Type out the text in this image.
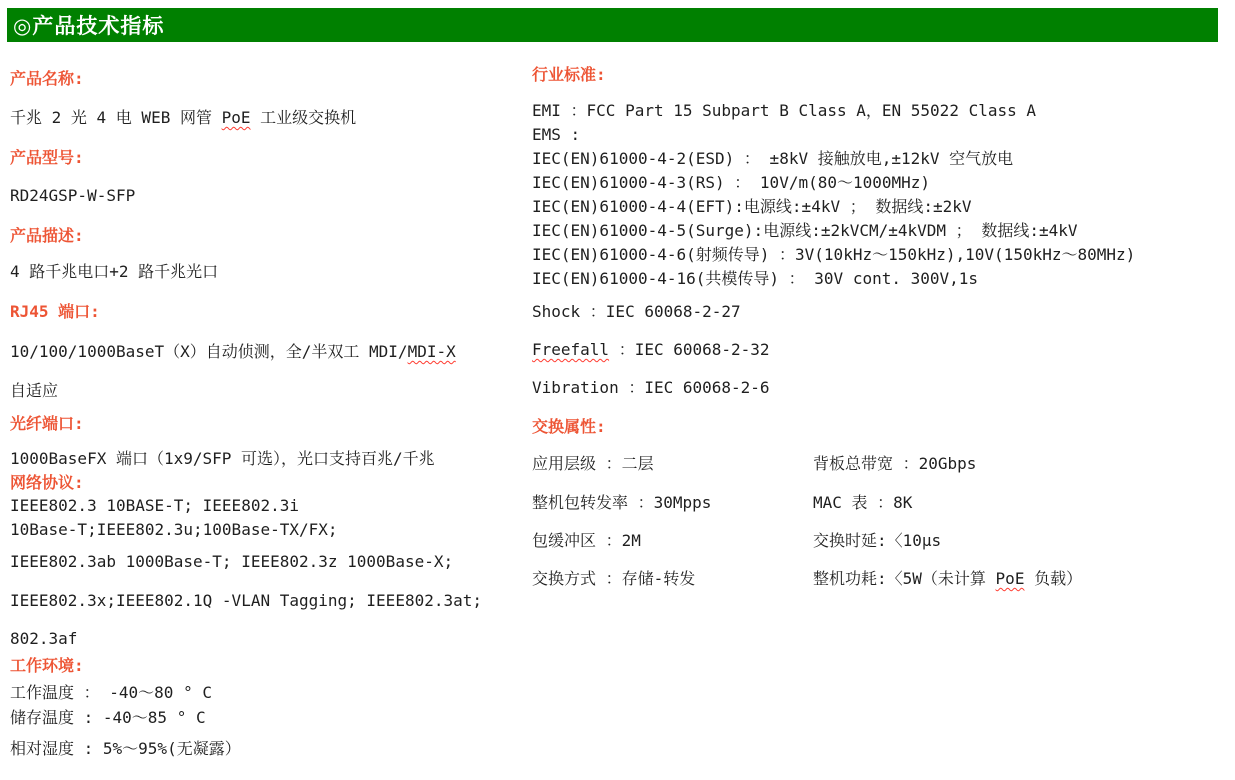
◎产品技术指标

产品名称:

千兆 2 光 4 电 WEB 网管 PoE 工业级交换机

产品型号:

RD24GSP-W-SFP

产品描述:

4 路千兆电口+2 路千兆光口

RJ45 端口:

10/100/1000BaseT（X）自动侦测，全/半双工 MDI/MDI-X

自适应

光纤端口:

1000BaseFX 端口（1x9/SFP 可选），光口支持百兆/千兆

网络协议:

IEEE802.3 10BASE-T; IEEE802.3i

10Base-T;IEEE802.3u;100Base-TX/FX;

IEEE802.3ab 1000Base-T; IEEE802.3z 1000Base-X;

IEEE802.3x;IEEE802.1Q -VLAN Tagging; IEEE802.3at;

802.3af

工作环境:

工作温度 ： -40～80 ° C

储存温度 : -40～85 ° C

相对湿度 : 5%～95%(无凝露）

行业标准:

EMI ：FCC Part 15 Subpart B Class A，EN 55022 Class A

EMS :

IEC(EN)61000-4-2(ESD) ： ±8kV 接触放电,±12kV 空气放电

IEC(EN)61000-4-3(RS) ： 10V/m(80～1000MHz)

IEC(EN)61000-4-4(EFT):电源线:±4kV ； 数据线:±2kV

IEC(EN)61000-4-5(Surge):电源线:±2kVCM/±4kVDM ； 数据线:±4kV

IEC(EN)61000-4-6(射频传导) ：3V(10kHz～150kHz),10V(150kHz～80MHz)

IEC(EN)61000-4-16(共模传导) ： 30V cont. 300V,1s

Shock ：IEC 60068-2-27

Freefall ：IEC 60068-2-32

Vibration ：IEC 60068-2-6

交换属性:

应用层级 ：二层	背板总带宽 ：20Gbps
整机包转发率 ：30Mpps	MAC 表 ：8K
包缓冲区 ：2M	交换时延:〈10μs
交换方式 ：存储-转发	整机功耗:〈5W（未计算 PoE 负载）
